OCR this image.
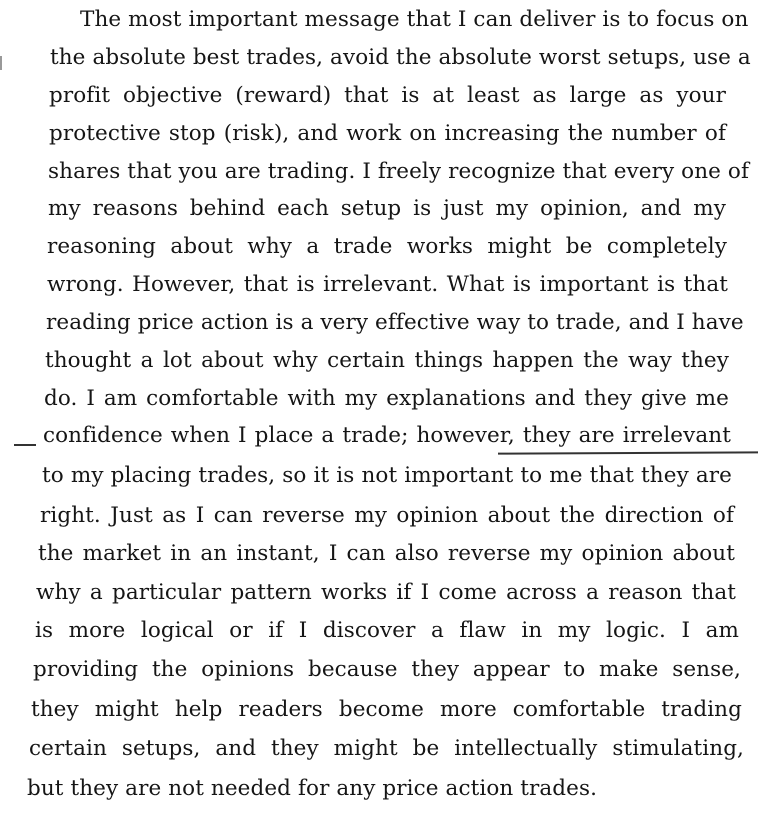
The most important message that I can deliver is to focus on

the absolute best trades, avoid the absolute worst setups, use a

profit objective (reward) that is at least as large as your

protective stop (risk), and work on increasing the number of

shares that you are trading. I freely recognize that every one of

my reasons behind each setup is just my opinion, and my

reasoning about why a trade works might be completely

wrong. However, that is irrelevant. What is important is that

reading price action is a very effective way to trade, and I have

thought a lot about why certain things happen the way they

do. I am comfortable with my explanations and they give me

confidence when I place a trade; however, they are irrelevant

to my placing trades, so it is not important to me that they are

right. Just as I can reverse my opinion about the direction of

the market in an instant, I can also reverse my opinion about

why a particular pattern works if I come across a reason that

is more logical or if I discover a flaw in my logic. I am

providing the opinions because they appear to make sense,

they might help readers become more comfortable trading

certain setups, and they might be intellectually stimulating,

but they are not needed for any price action trades.
